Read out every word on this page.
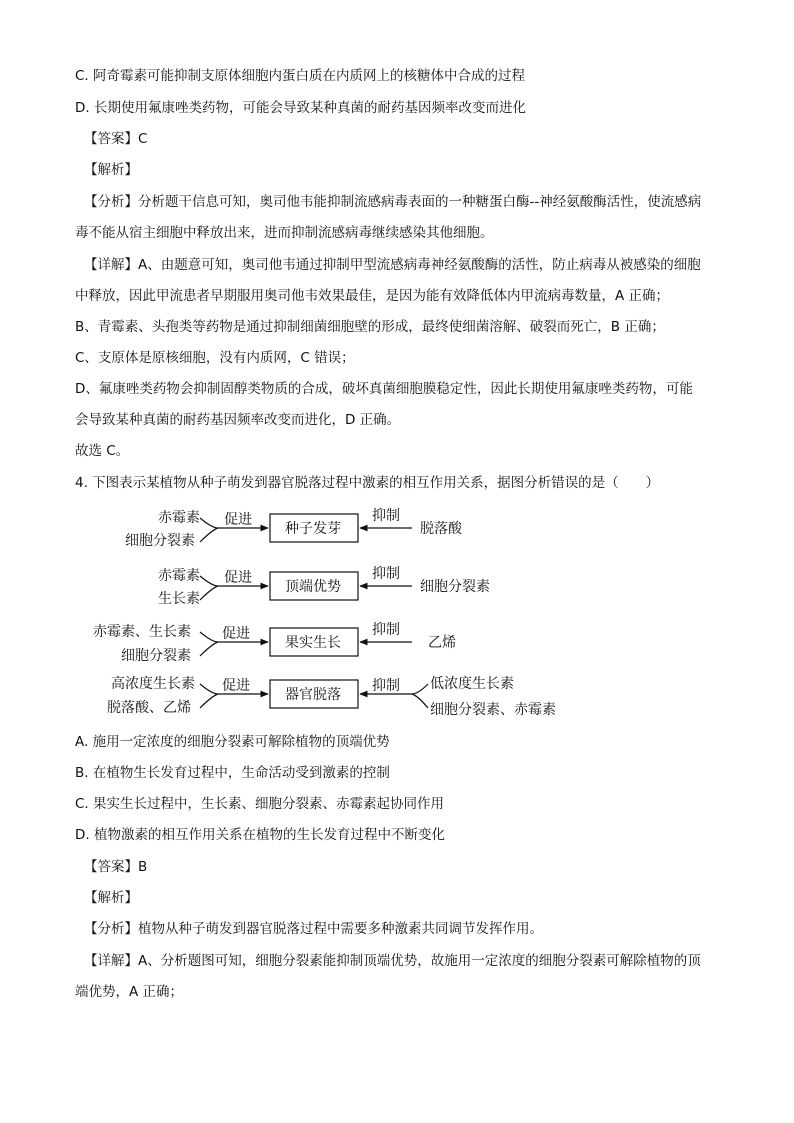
C. 阿奇霉素可能抑制支原体细胞内蛋白质在内质网上的核糖体中合成的过程
D. 长期使用氟康唑类药物，可能会导致某种真菌的耐药基因频率改变而进化
【答案】C
【解析】
【分析】分析题干信息可知，奥司他韦能抑制流感病毒表面的一种糖蛋白酶--神经氨酸酶活性，使流感病
毒不能从宿主细胞中释放出来，进而抑制流感病毒继续感染其他细胞。
【详解】A、由题意可知，奥司他韦通过抑制甲型流感病毒神经氨酸酶的活性，防止病毒从被感染的细胞
中释放，因此甲流患者早期服用奥司他韦效果最佳，是因为能有效降低体内甲流病毒数量，A 正确；
B、青霉素、头孢类等药物是通过抑制细菌细胞壁的形成，最终使细菌溶解、破裂而死亡，B 正确；
C、支原体是原核细胞，没有内质网，C 错误；
D、氟康唑类药物会抑制固醇类物质的合成，破坏真菌细胞膜稳定性，因此长期使用氟康唑类药物，可能
会导致某种真菌的耐药基因频率改变而进化，D 正确。
故选 C。
4. 下图表示某植物从种子萌发到器官脱落过程中激素的相互作用关系，据图分析错误的是（　　）
赤霉素
细胞分裂素
促进
种子发芽
抑制
脱落酸
赤霉素
生长素
促进
顶端优势
抑制
细胞分裂素
赤霉素、生长素
细胞分裂素
促进
果实生长
抑制
乙烯
高浓度生长素
脱落酸、乙烯
促进
器官脱落
抑制 低浓度生长素
细胞分裂素、赤霉素
A. 施用一定浓度的细胞分裂素可解除植物的顶端优势
B. 在植物生长发育过程中，生命活动受到激素的控制
C. 果实生长过程中，生长素、细胞分裂素、赤霉素起协同作用
D. 植物激素的相互作用关系在植物的生长发育过程中不断变化
【答案】B
【解析】
【分析】植物从种子萌发到器官脱落过程中需要多种激素共同调节发挥作用。
【详解】A、分析题图可知，细胞分裂素能抑制顶端优势，故施用一定浓度的细胞分裂素可解除植物的顶
端优势，A 正确；
